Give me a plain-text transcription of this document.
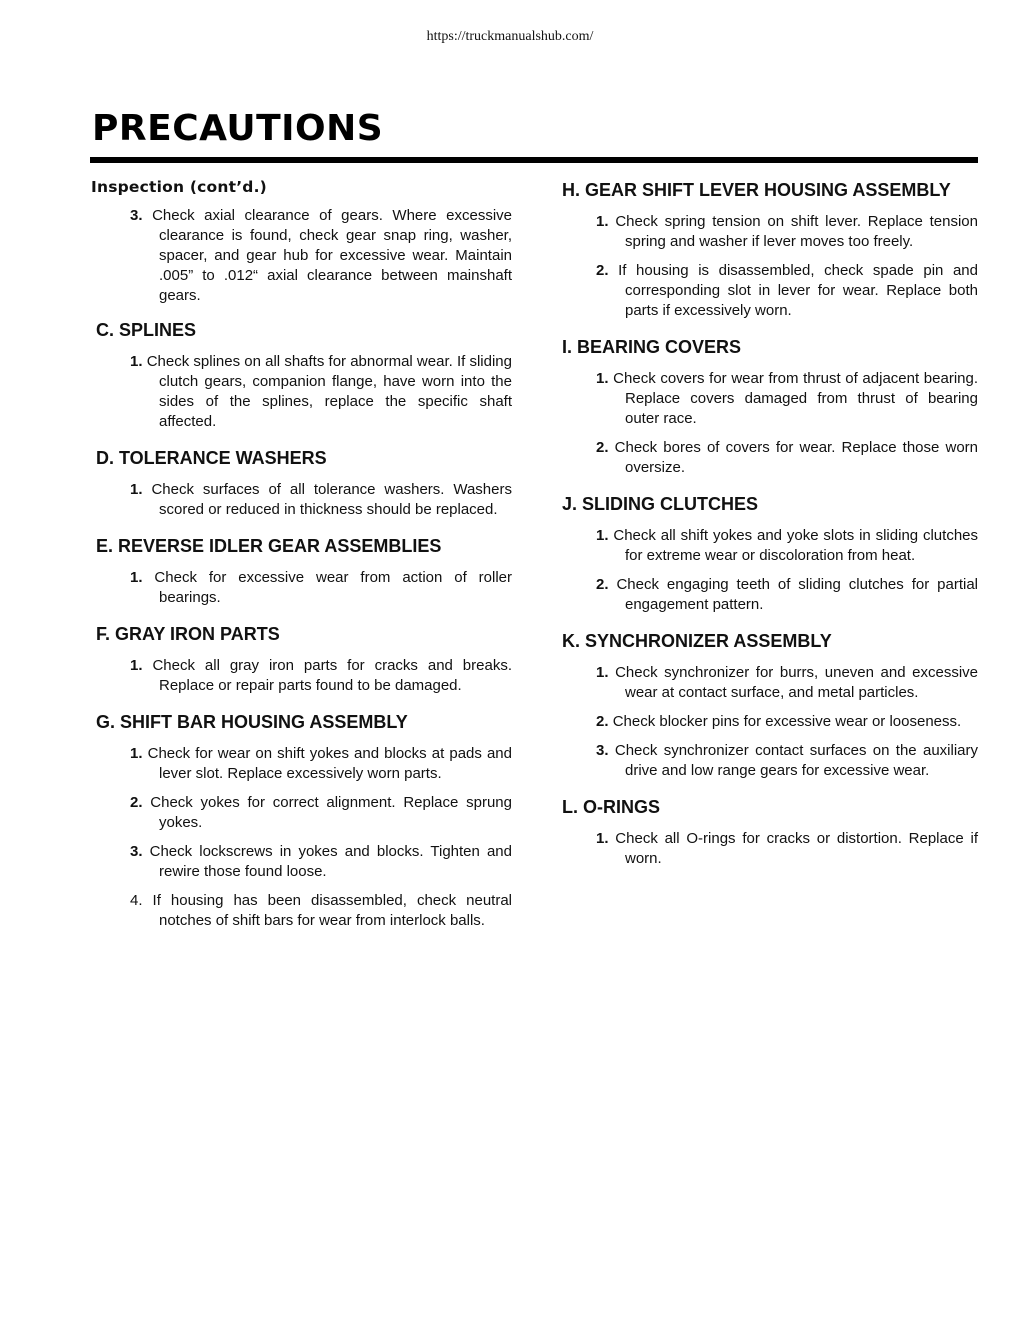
https://truckmanualshub.com/
PRECAUTIONS
Inspection (cont’d.)
3. Check axial clearance of gears. Where excessive clearance is found, check gear snap ring, washer, spacer, and gear hub for excessive wear. Maintain .005” to .012“ axial clearance between mainshaft gears.
C. SPLINES
1. Check splines on all shafts for abnormal wear. If sliding clutch gears, companion flange, have worn into the sides of the splines, replace the specific shaft affected.
D. TOLERANCE WASHERS
1. Check surfaces of all tolerance washers. Washers scored or reduced in thickness should be replaced.
E. REVERSE IDLER GEAR ASSEMBLIES
1. Check for excessive wear from action of roller bearings.
F. GRAY IRON PARTS
1. Check all gray iron parts for cracks and breaks. Replace or repair parts found to be damaged.
G. SHIFT BAR HOUSING ASSEMBLY
1. Check for wear on shift yokes and blocks at pads and lever slot. Replace excessively worn parts.
2. Check yokes for correct alignment. Replace sprung yokes.
3. Check lockscrews in yokes and blocks. Tighten and rewire those found loose.
4. If housing has been disassembled, check neutral notches of shift bars for wear from interlock balls.
H. GEAR SHIFT LEVER HOUSING ASSEMBLY
1. Check spring tension on shift lever. Replace tension spring and washer if lever moves too freely.
2. If housing is disassembled, check spade pin and corresponding slot in lever for wear. Replace both parts if excessively worn.
I. BEARING COVERS
1. Check covers for wear from thrust of adjacent bearing. Replace covers damaged from thrust of bearing outer race.
2. Check bores of covers for wear. Replace those worn oversize.
J. SLIDING CLUTCHES
1. Check all shift yokes and yoke slots in sliding clutches for extreme wear or discoloration from heat.
2. Check engaging teeth of sliding clutches for partial engagement pattern.
K. SYNCHRONIZER ASSEMBLY
1. Check synchronizer for burrs, uneven and excessive wear at contact surface, and metal particles.
2. Check blocker pins for excessive wear or looseness.
3. Check synchronizer contact surfaces on the auxiliary drive and low range gears for excessive wear.
L. O-RINGS
1. Check all O-rings for cracks or distortion. Replace if worn.
